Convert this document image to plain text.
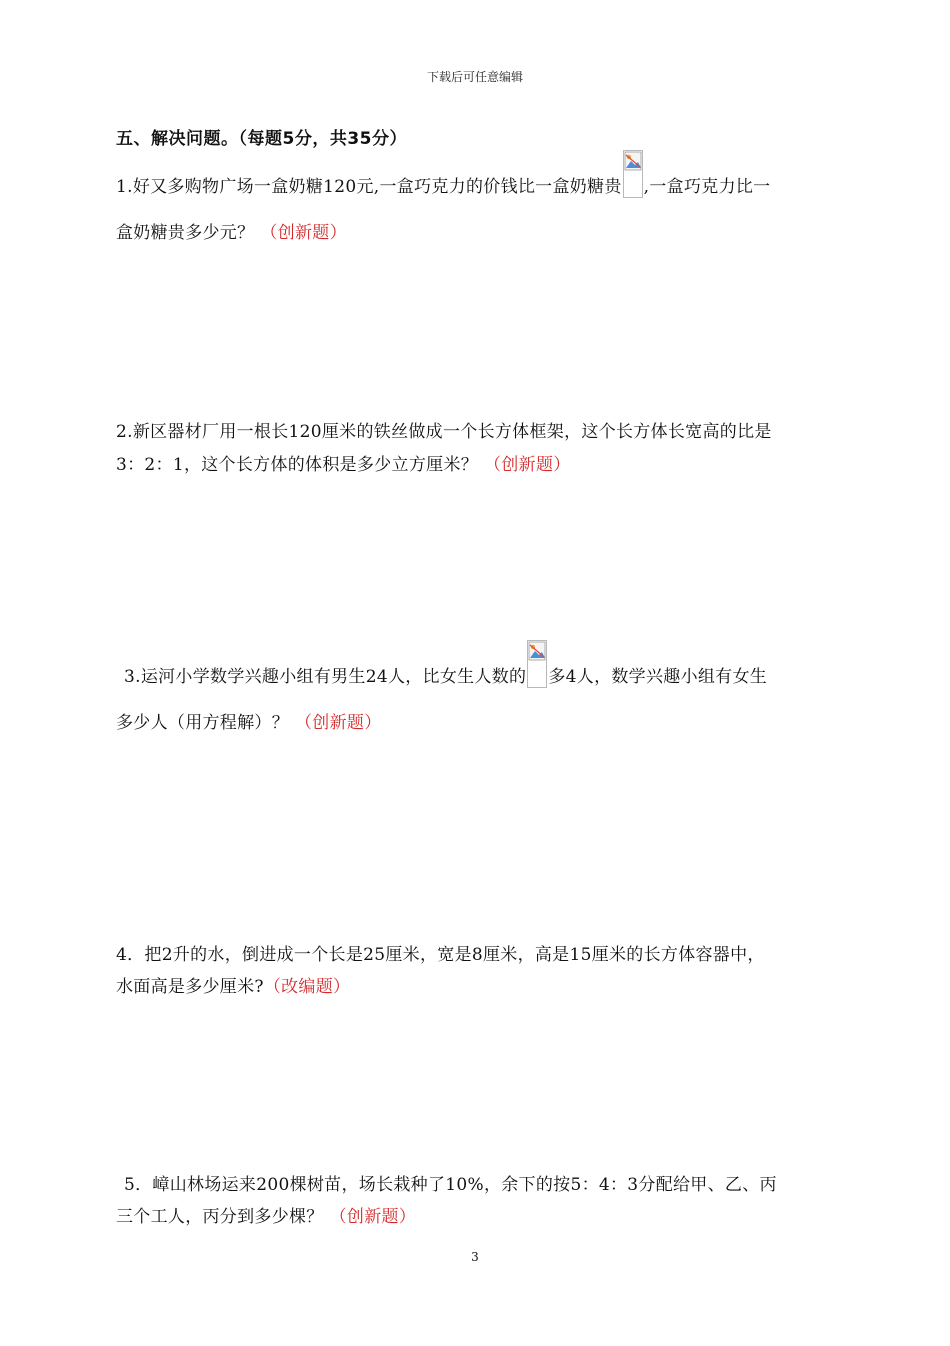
下载后可任意编辑
五、解决问题。（每题5分，共35分）
1.好又多购物广场一盒奶糖120元,一盒巧克力的价钱比一盒奶糖贵 ,一盒巧克力比一
盒奶糖贵多少元？ （创新题）
2.新区器材厂用一根长120厘米的铁丝做成一个长方体框架，这个长方体长宽高的比是
3：2：1，这个长方体的体积是多少立方厘米？ （创新题）
3.运河小学数学兴趣小组有男生24人，比女生人数的 多4人，数学兴趣小组有女生
多少人（用方程解）？ （创新题）
4．把2升的水，倒进成一个长是25厘米，宽是8厘米，高是15厘米的长方体容器中，
水面高是多少厘米?（改编题）
5．嶂山林场运来200棵树苗，场长栽种了10%，余下的按5：4：3分配给甲、乙、丙
三个工人，丙分到多少棵？ （创新题）
3
